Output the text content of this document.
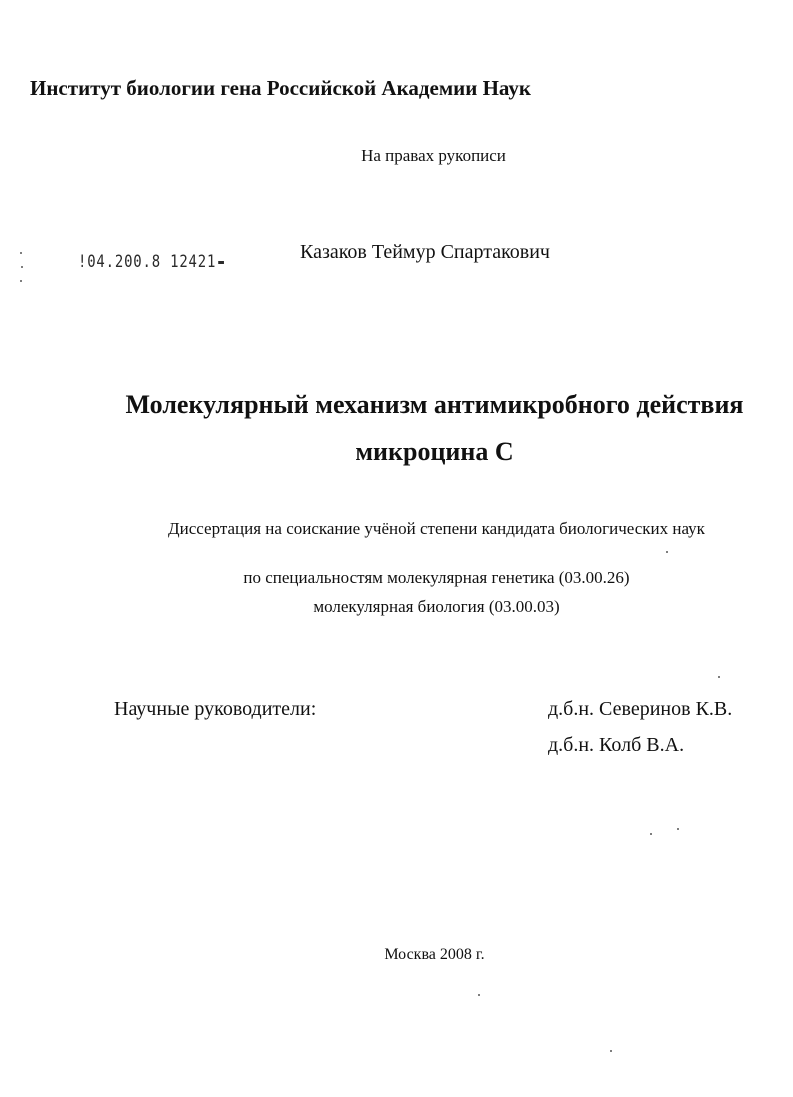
Институт биологии гена Российской Академии Наук
На правах рукописи
!04.200.8 12421	Казаков Теймур Спартакович
Молекулярный механизм антимикробного действия
микроцина С
Диссертация на соискание учёной степени кандидата биологических наук
по специальностям молекулярная генетика (03.00.26)
молекулярная биология (03.00.03)
Научные руководители:	д.б.н. Северинов К.В.
д.б.н. Колб В.А.
Москва 2008 г.
